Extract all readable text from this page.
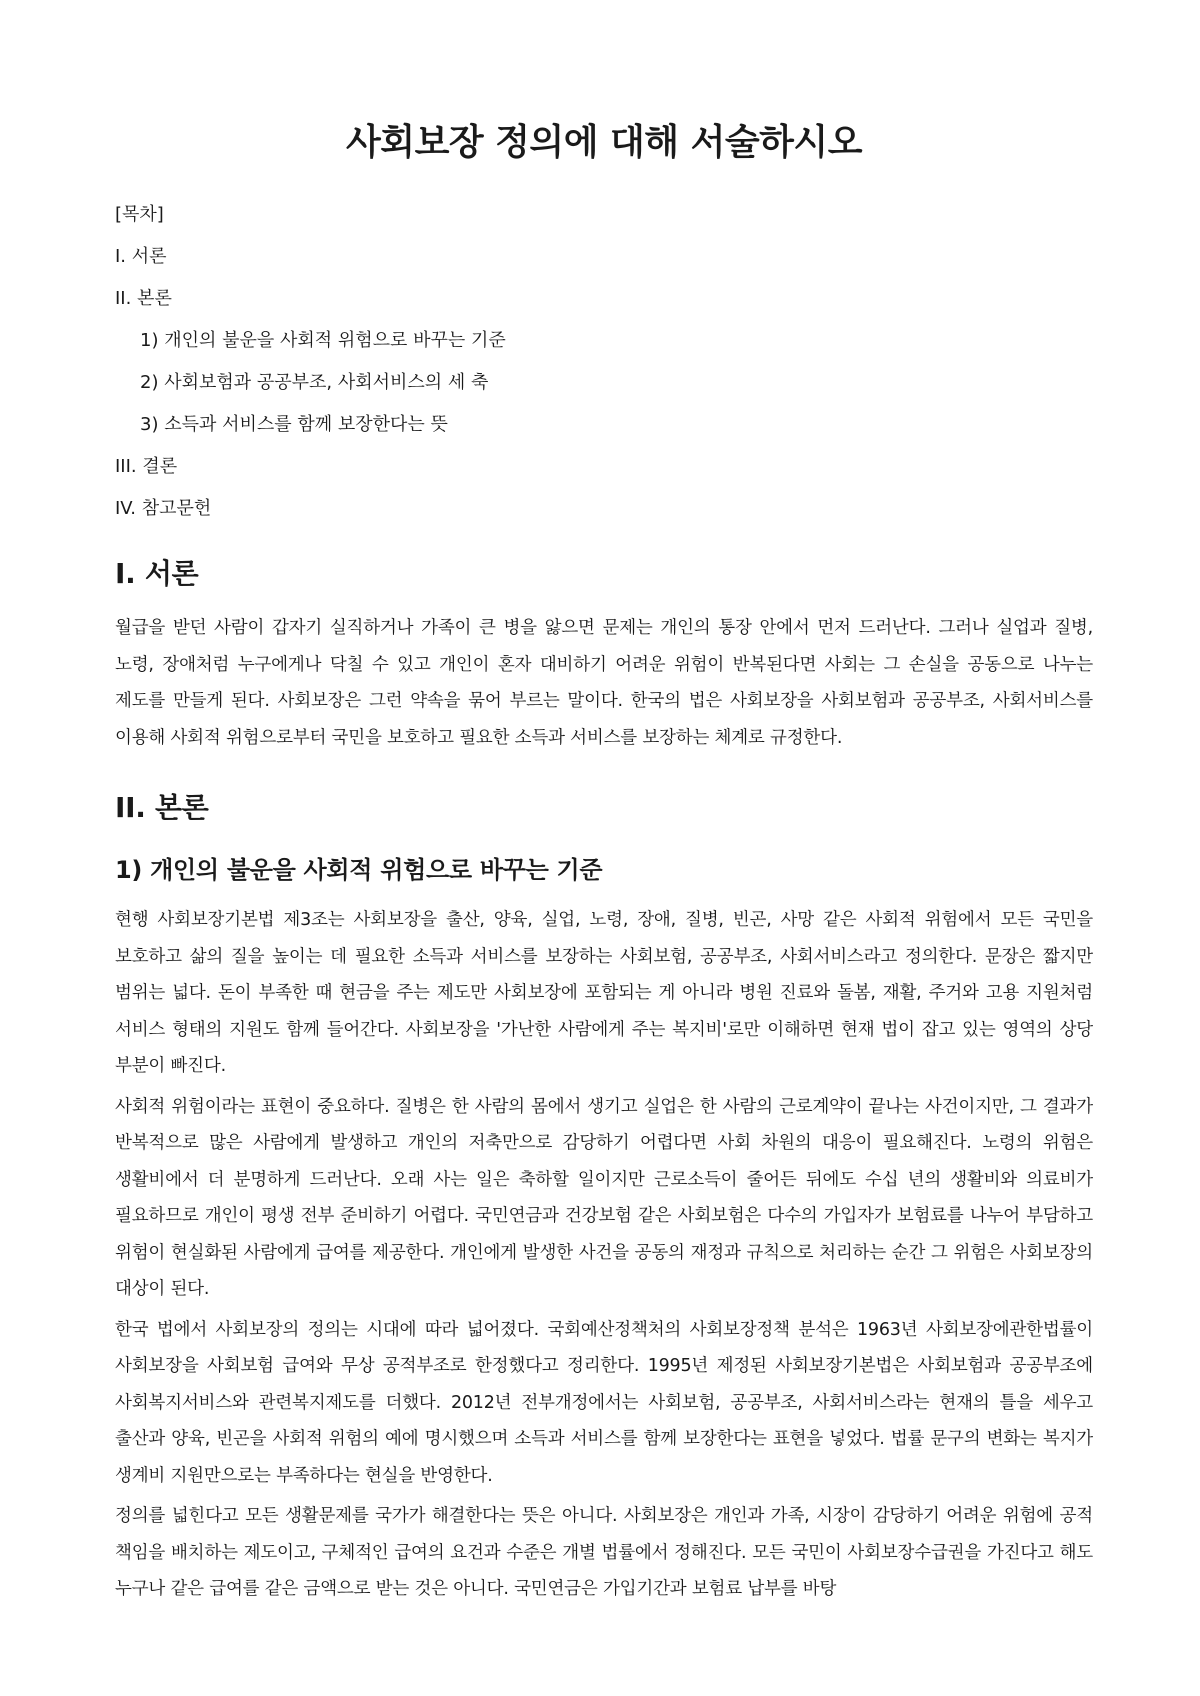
사회보장 정의에 대해 서술하시오
[목차]
I. 서론
II. 본론
1) 개인의 불운을 사회적 위험으로 바꾸는 기준
2) 사회보험과 공공부조, 사회서비스의 세 축
3) 소득과 서비스를 함께 보장한다는 뜻
III. 결론
IV. 참고문헌
I. 서론

월급을 받던 사람이 갑자기 실직하거나 가족이 큰 병을 앓으면 문제는 개인의 통장 안에서 먼저 드러난다. 그러나 실업과 질병, 노령, 장애처럼 누구에게나 닥칠 수 있고 개인이 혼자 대비하기 어려운 위험이 반복된다면 사회는 그 손실을 공동으로 나누는 제도를 만들게 된다. 사회보장은 그런 약속을 묶어 부르는 말이다. 한국의 법은 사회보장을 사회보험과 공공부조, 사회서비스를 이용해 사회적 위험으로부터 국민을 보호하고 필요한 소득과 서비스를 보장하는 체계로 규정한다.

II. 본론
1) 개인의 불운을 사회적 위험으로 바꾸는 기준

현행 사회보장기본법 제3조는 사회보장을 출산, 양육, 실업, 노령, 장애, 질병, 빈곤, 사망 같은 사회적 위험에서 모든 국민을 보호하고 삶의 질을 높이는 데 필요한 소득과 서비스를 보장하는 사회보험, 공공부조, 사회서비스라고 정의한다. 문장은 짧지만 범위는 넓다. 돈이 부족한 때 현금을 주는 제도만 사회보장에 포함되는 게 아니라 병원 진료와 돌봄, 재활, 주거와 고용 지원처럼 서비스 형태의 지원도 함께 들어간다. 사회보장을 '가난한 사람에게 주는 복지비'로만 이해하면 현재 법이 잡고 있는 영역의 상당 부분이 빠진다.

사회적 위험이라는 표현이 중요하다. 질병은 한 사람의 몸에서 생기고 실업은 한 사람의 근로계약이 끝나는 사건이지만, 그 결과가 반복적으로 많은 사람에게 발생하고 개인의 저축만으로 감당하기 어렵다면 사회 차원의 대응이 필요해진다. 노령의 위험은 생활비에서 더 분명하게 드러난다. 오래 사는 일은 축하할 일이지만 근로소득이 줄어든 뒤에도 수십 년의 생활비와 의료비가 필요하므로 개인이 평생 전부 준비하기 어렵다. 국민연금과 건강보험 같은 사회보험은 다수의 가입자가 보험료를 나누어 부담하고 위험이 현실화된 사람에게 급여를 제공한다. 개인에게 발생한 사건을 공동의 재정과 규칙으로 처리하는 순간 그 위험은 사회보장의 대상이 된다.

한국 법에서 사회보장의 정의는 시대에 따라 넓어졌다. 국회예산정책처의 사회보장정책 분석은 1963년 사회보장에관한법률이 사회보장을 사회보험 급여와 무상 공적부조로 한정했다고 정리한다. 1995년 제정된 사회보장기본법은 사회보험과 공공부조에 사회복지서비스와 관련복지제도를 더했다. 2012년 전부개정에서는 사회보험, 공공부조, 사회서비스라는 현재의 틀을 세우고 출산과 양육, 빈곤을 사회적 위험의 예에 명시했으며 소득과 서비스를 함께 보장한다는 표현을 넣었다. 법률 문구의 변화는 복지가 생계비 지원만으로는 부족하다는 현실을 반영한다.

정의를 넓힌다고 모든 생활문제를 국가가 해결한다는 뜻은 아니다. 사회보장은 개인과 가족, 시장이 감당하기 어려운 위험에 공적 책임을 배치하는 제도이고, 구체적인 급여의 요건과 수준은 개별 법률에서 정해진다. 모든 국민이 사회보장수급권을 가진다고 해도 누구나 같은 급여를 같은 금액으로 받는 것은 아니다. 국민연금은 가입기간과 보험료 납부를 바탕
